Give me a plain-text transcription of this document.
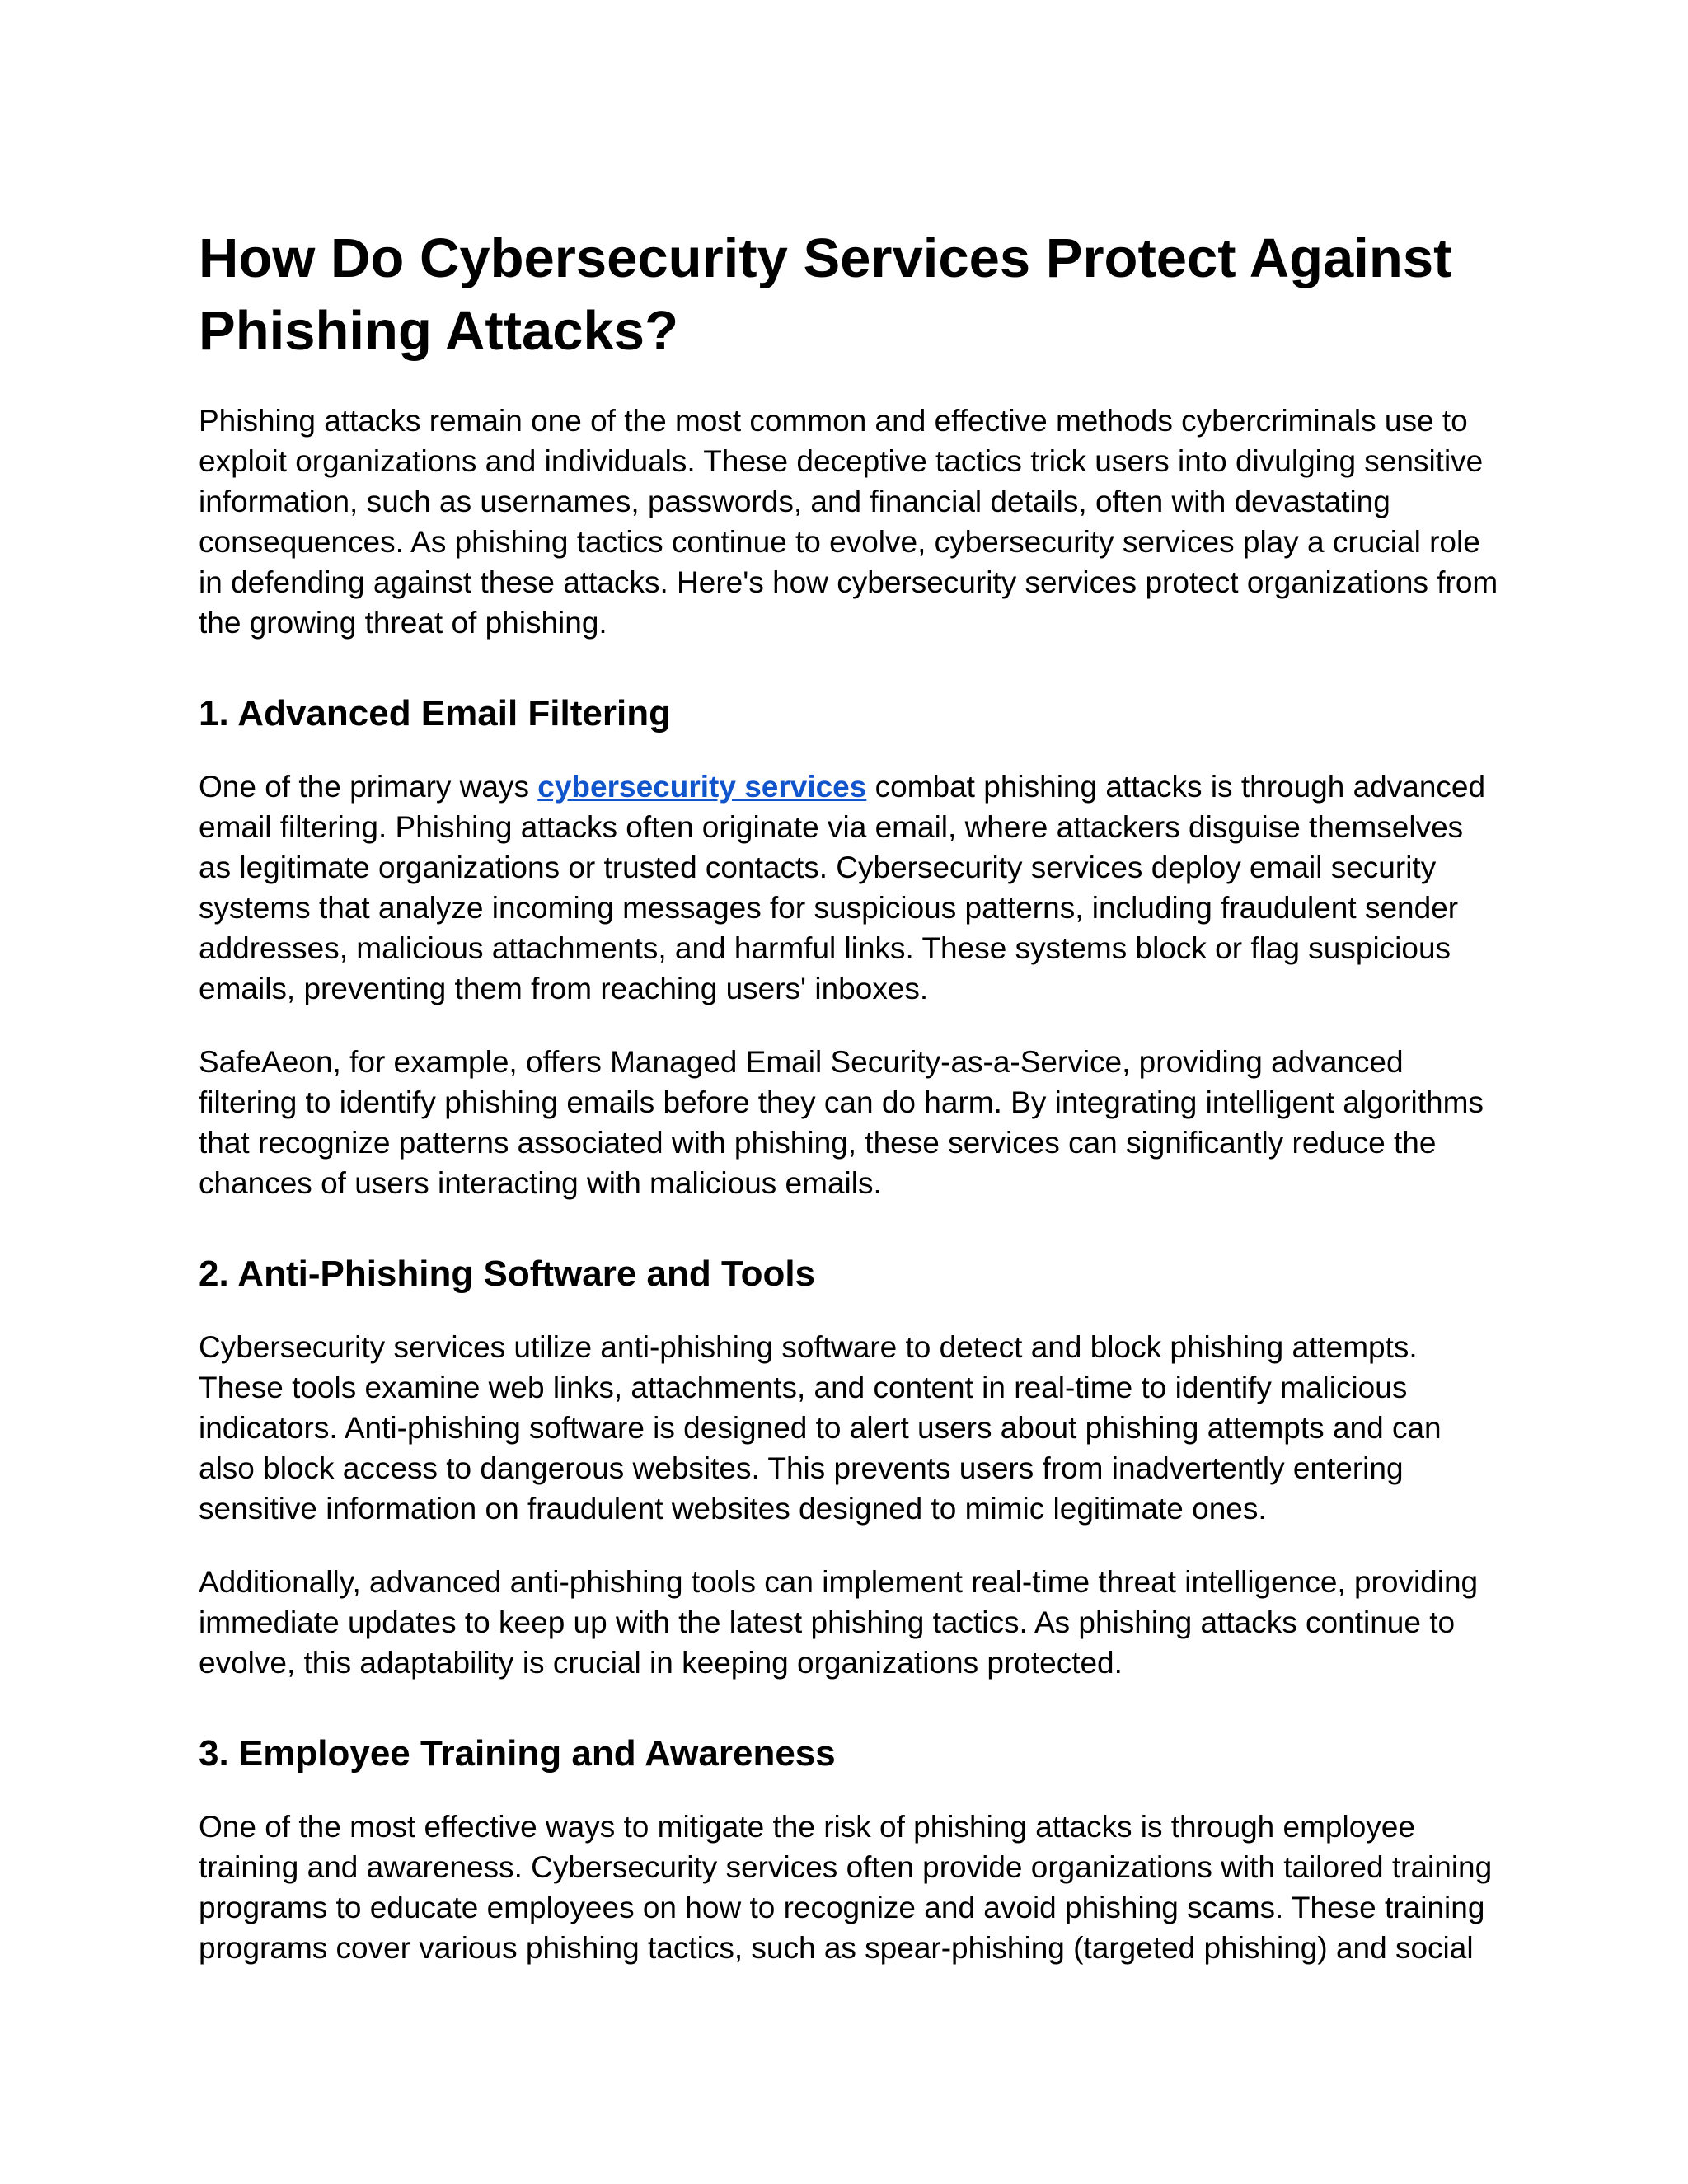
How Do Cybersecurity Services Protect Against Phishing Attacks?

Phishing attacks remain one of the most common and effective methods cybercriminals use to exploit organizations and individuals. These deceptive tactics trick users into divulging sensitive information, such as usernames, passwords, and financial details, often with devastating consequences. As phishing tactics continue to evolve, cybersecurity services play a crucial role in defending against these attacks. Here's how cybersecurity services protect organizations from the growing threat of phishing.

1. Advanced Email Filtering

One of the primary ways cybersecurity services combat phishing attacks is through advanced email filtering. Phishing attacks often originate via email, where attackers disguise themselves as legitimate organizations or trusted contacts. Cybersecurity services deploy email security systems that analyze incoming messages for suspicious patterns, including fraudulent sender addresses, malicious attachments, and harmful links. These systems block or flag suspicious emails, preventing them from reaching users' inboxes.

SafeAeon, for example, offers Managed Email Security-as-a-Service, providing advanced filtering to identify phishing emails before they can do harm. By integrating intelligent algorithms that recognize patterns associated with phishing, these services can significantly reduce the chances of users interacting with malicious emails.

2. Anti-Phishing Software and Tools

Cybersecurity services utilize anti-phishing software to detect and block phishing attempts. These tools examine web links, attachments, and content in real-time to identify malicious indicators. Anti-phishing software is designed to alert users about phishing attempts and can also block access to dangerous websites. This prevents users from inadvertently entering sensitive information on fraudulent websites designed to mimic legitimate ones.

Additionally, advanced anti-phishing tools can implement real-time threat intelligence, providing immediate updates to keep up with the latest phishing tactics. As phishing attacks continue to evolve, this adaptability is crucial in keeping organizations protected.

3. Employee Training and Awareness

One of the most effective ways to mitigate the risk of phishing attacks is through employee training and awareness. Cybersecurity services often provide organizations with tailored training programs to educate employees on how to recognize and avoid phishing scams. These training programs cover various phishing tactics, such as spear-phishing (targeted phishing) and social
